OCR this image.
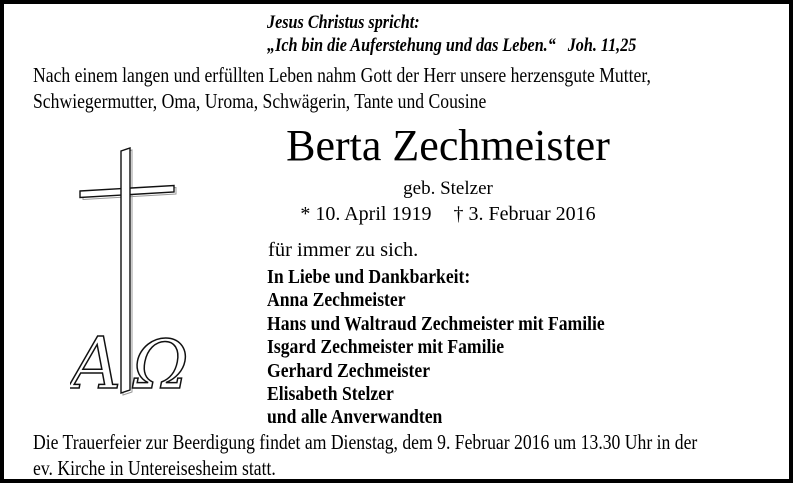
Jesus Christus spricht:
„Ich bin die Auferstehung und das Leben.“ Joh. 11,25
Nach einem langen und erfüllten Leben nahm Gott der Herr unsere herzensgute Mutter,
Schwiegermutter, Oma, Uroma, Schwägerin, Tante und Cousine
A Ω
Berta Zechmeister
geb. Stelzer
* 10. April 1919 † 3. Februar 2016
für immer zu sich.
In Liebe und Dankbarkeit:
Anna Zechmeister
Hans und Waltraud Zechmeister mit Familie
Isgard Zechmeister mit Familie
Gerhard Zechmeister
Elisabeth Stelzer
und alle Anverwandten
Die Trauerfeier zur Beerdigung findet am Dienstag, dem 9. Februar 2016 um 13.30 Uhr in der
ev. Kirche in Untereisesheim statt.
